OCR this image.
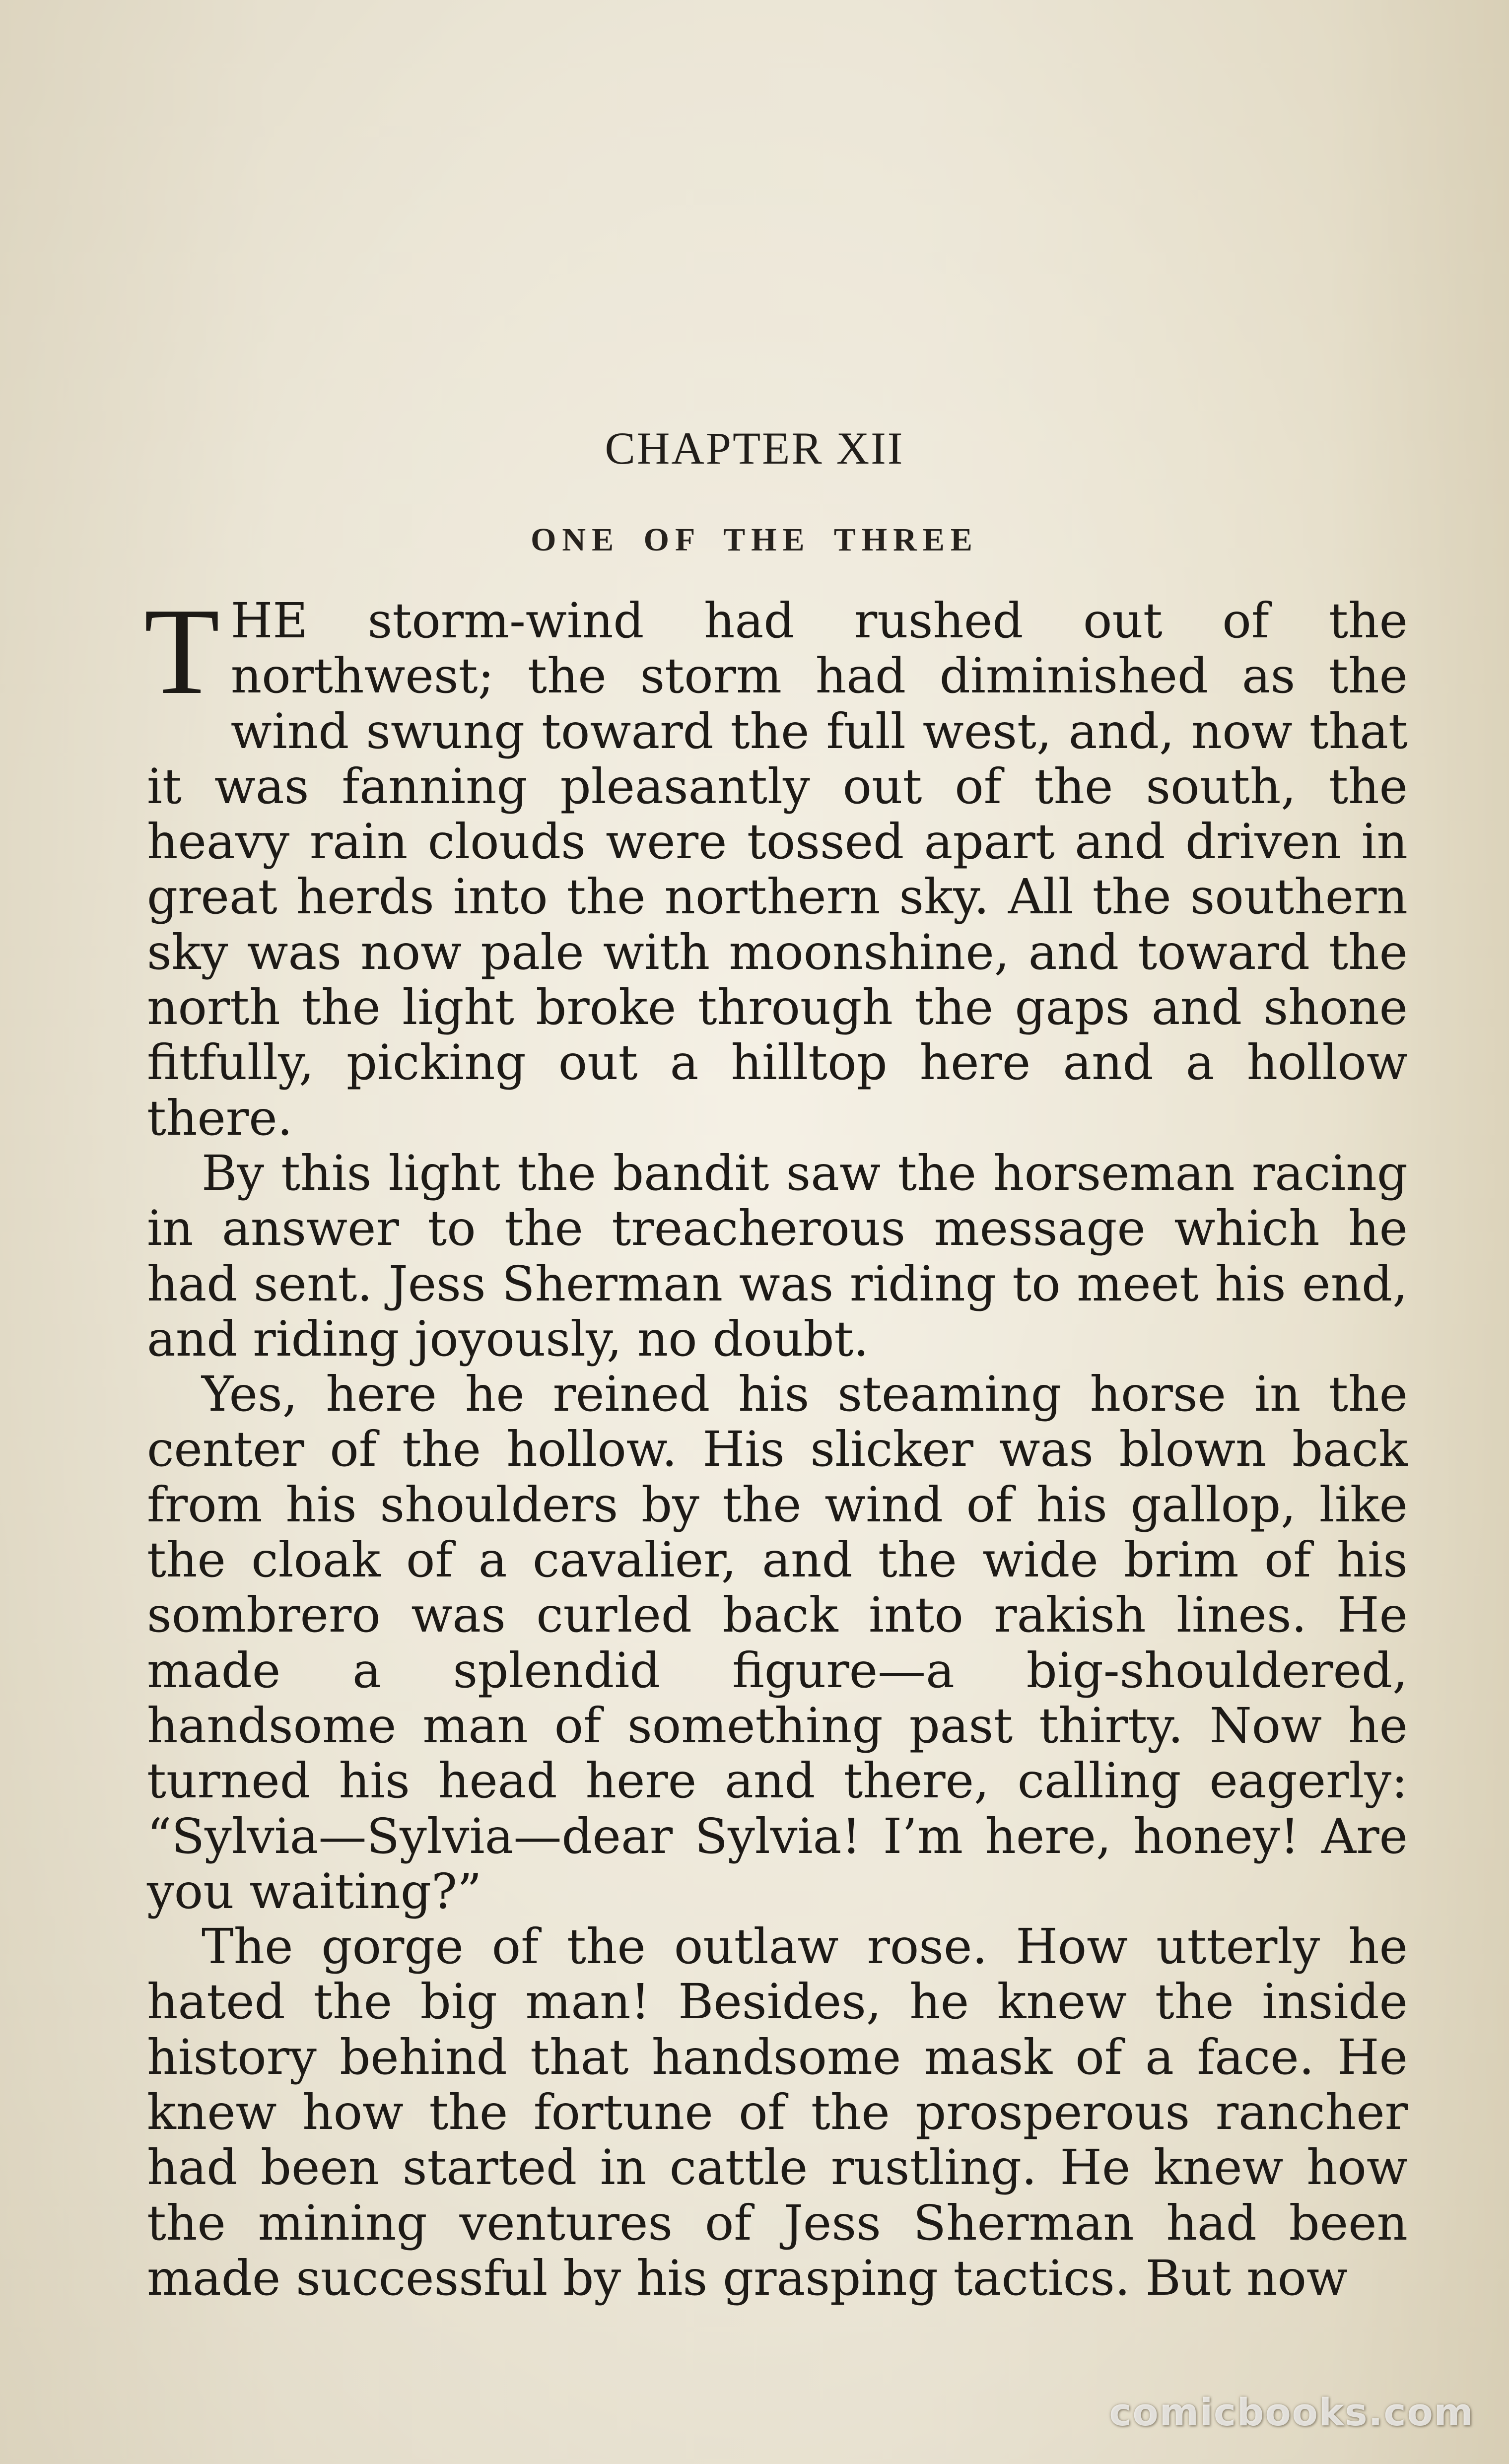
CHAPTER XII
ONE OF THE THREE

THE storm-wind had rushed out of the northwest; the storm had diminished as the wind swung toward the full west, and, now that it was fanning pleasantly out of the south, the heavy rain clouds were tossed apart and driven in great herds into the northern sky. All the southern sky was now pale with moonshine, and toward the north the light broke through the gaps and shone fitfully, picking out a hilltop here and a hollow there.

By this light the bandit saw the horseman racing in answer to the treacherous message which he had sent. Jess Sherman was riding to meet his end, and riding joyously, no doubt.

Yes, here he reined his steaming horse in the center of the hollow. His slicker was blown back from his shoulders by the wind of his gallop, like the cloak of a cavalier, and the wide brim of his sombrero was curled back into rakish lines. He made a splendid figure—a big-shouldered, handsome man of something past thirty. Now he turned his head here and there, calling eagerly: “Sylvia—Sylvia—dear Sylvia! I’m here, honey! Are you waiting?”

The gorge of the outlaw rose. How utterly he hated the big man! Besides, he knew the inside history behind that handsome mask of a face. He knew how the fortune of the prosperous rancher had been started in cattle rustling. He knew how the mining ventures of Jess Sherman had been made successful by his grasping tactics. But now

comicbooks.com
